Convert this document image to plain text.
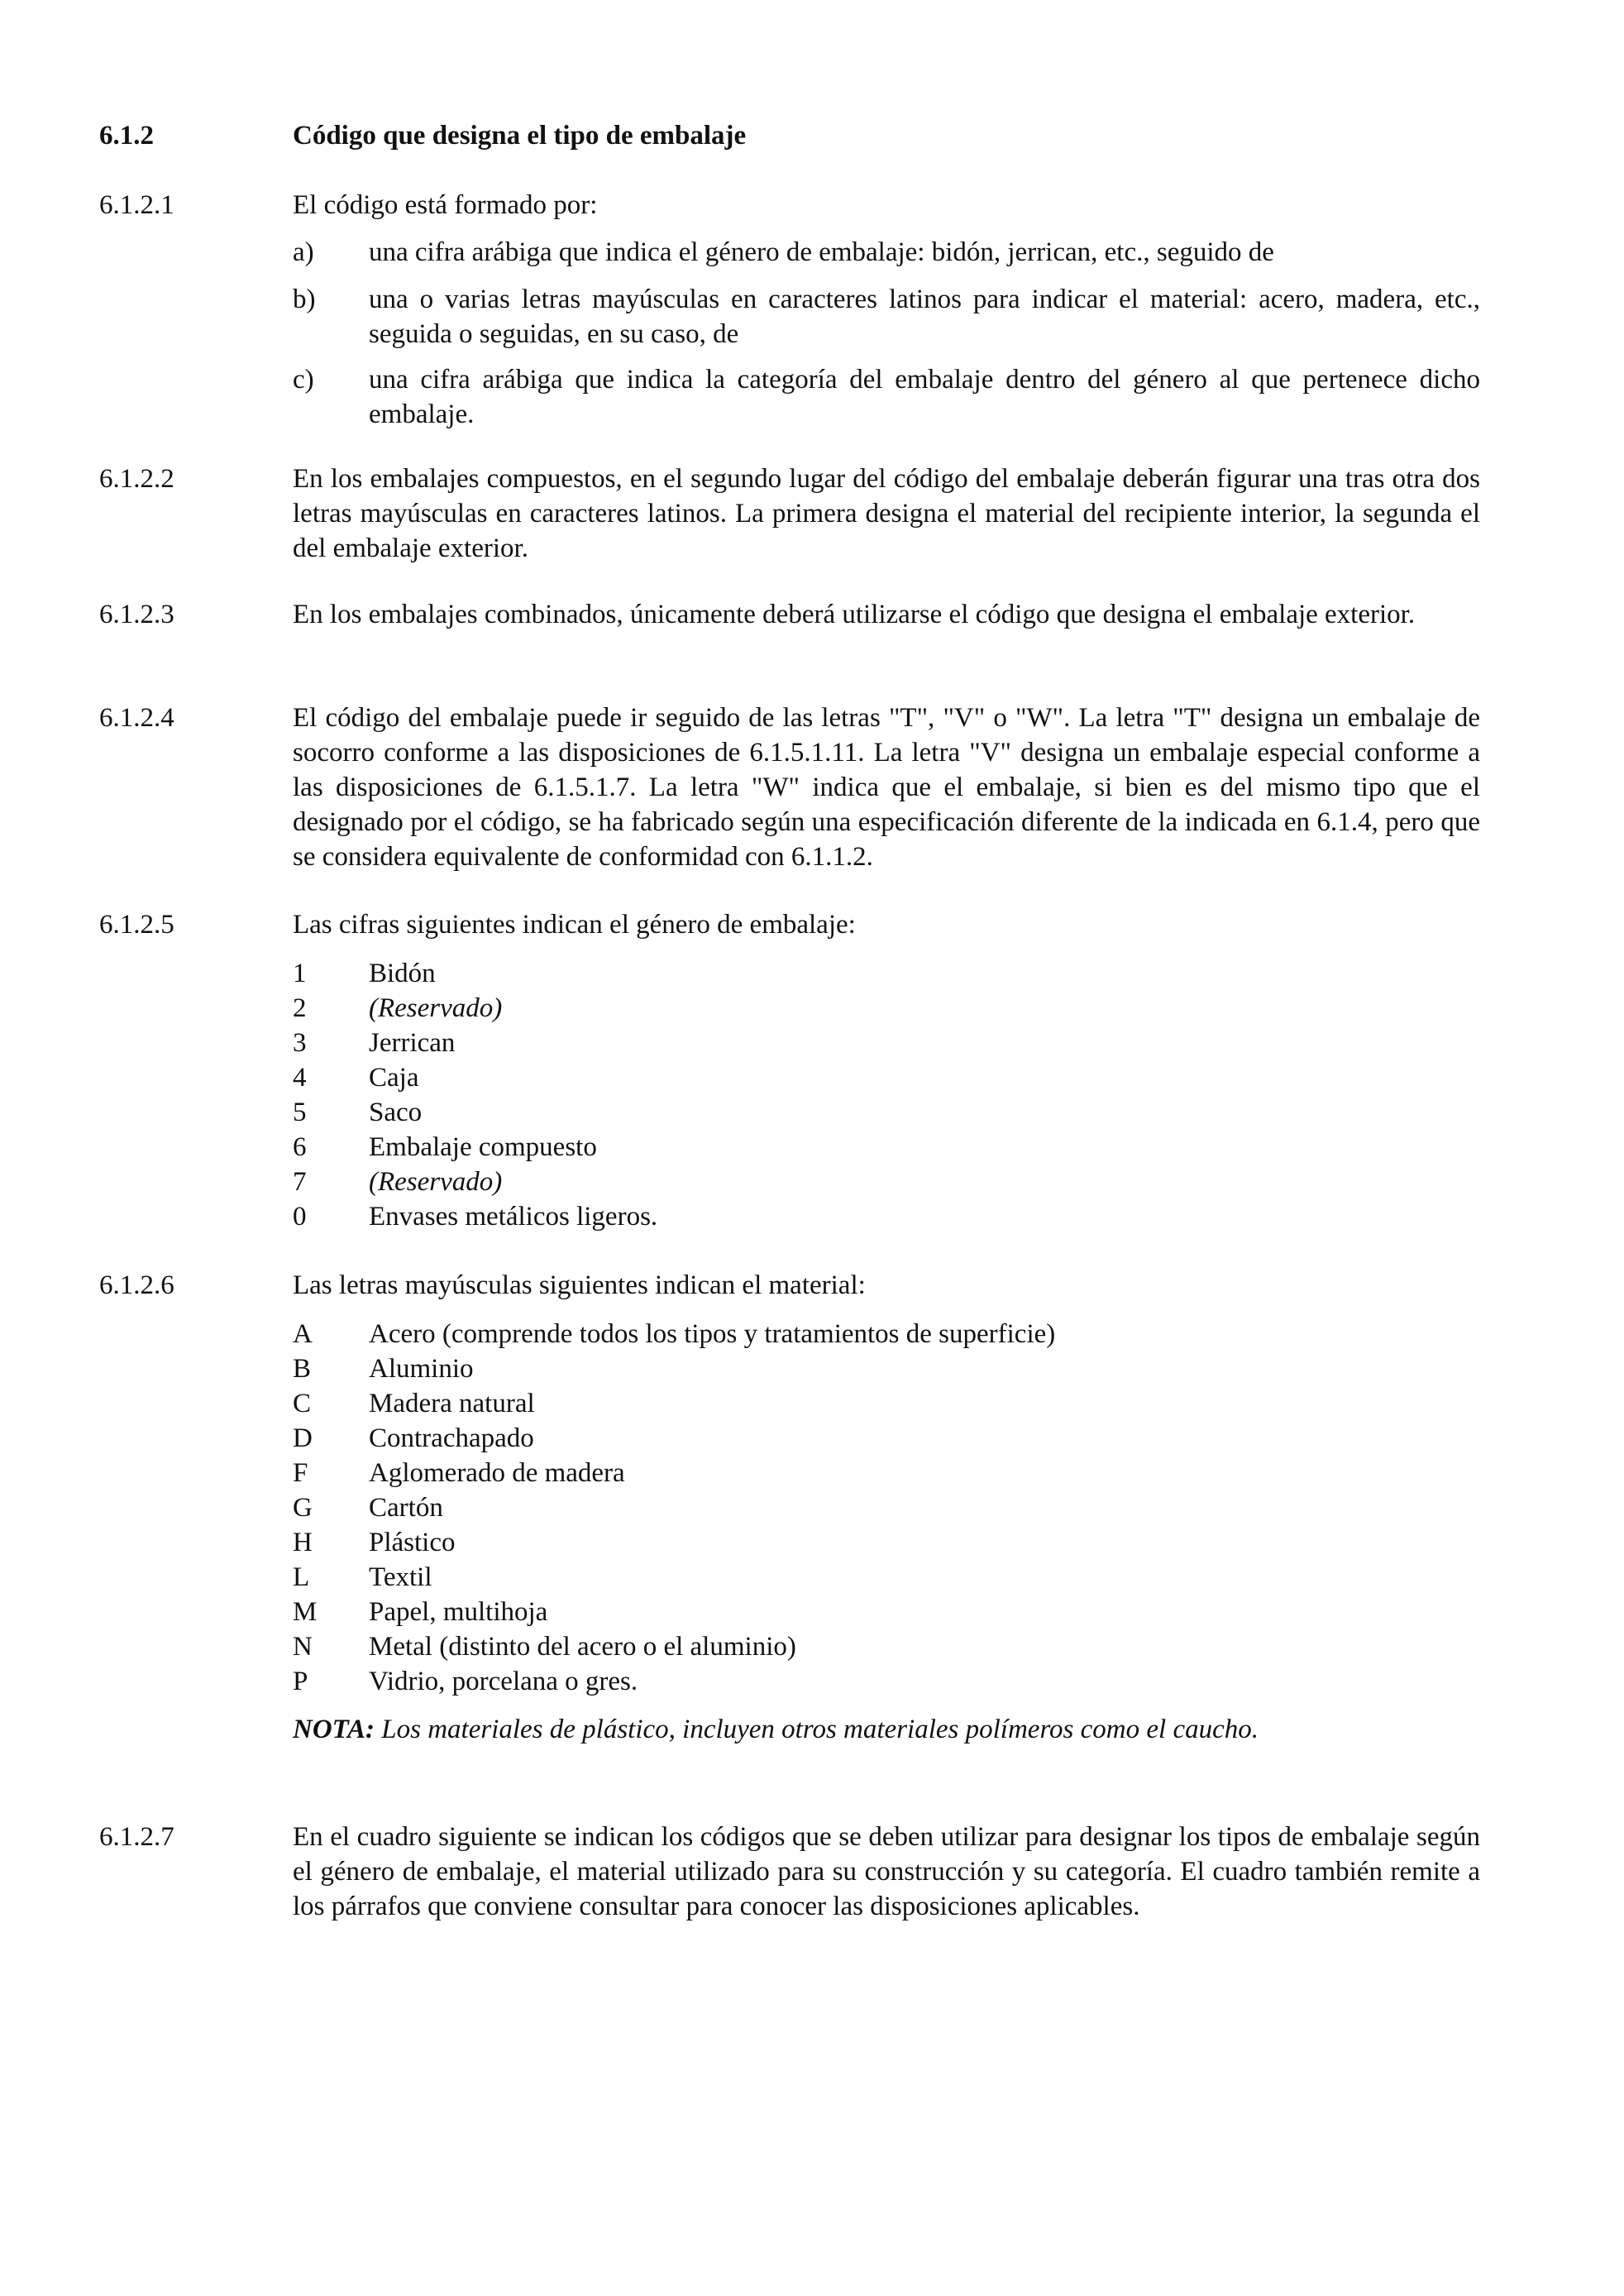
6.1.2	Código que designa el tipo de embalaje
6.1.2.1	El código está formado por:
a) una cifra arábiga que indica el género de embalaje: bidón, jerrican, etc., seguido de
b) una o varias letras mayúsculas en caracteres latinos para indicar el material: acero, madera, etc., seguida o seguidas, en su caso, de
c) una cifra arábiga que indica la categoría del embalaje dentro del género al que pertenece dicho embalaje.
6.1.2.2	En los embalajes compuestos, en el segundo lugar del código del embalaje deberán figurar una tras otra dos letras mayúsculas en caracteres latinos. La primera designa el material del recipiente interior, la segunda el del embalaje exterior.
6.1.2.3	En los embalajes combinados, únicamente deberá utilizarse el código que designa el embalaje exterior.
6.1.2.4	El código del embalaje puede ir seguido de las letras "T", "V" o "W". La letra "T" designa un embalaje de socorro conforme a las disposiciones de 6.1.5.1.11. La letra "V" designa un embalaje especial conforme a las disposiciones de 6.1.5.1.7. La letra "W" indica que el embalaje, si bien es del mismo tipo que el designado por el código, se ha fabricado según una especificación diferente de la indicada en 6.1.4, pero que se considera equivalente de conformidad con 6.1.1.2.
6.1.2.5	Las cifras siguientes indican el género de embalaje:
1 Bidón
2 (Reservado)
3 Jerrican
4 Caja
5 Saco
6 Embalaje compuesto
7 (Reservado)
0 Envases metálicos ligeros.
6.1.2.6	Las letras mayúsculas siguientes indican el material:
A Acero (comprende todos los tipos y tratamientos de superficie)
B Aluminio
C Madera natural
D Contrachapado
F Aglomerado de madera
G Cartón
H Plástico
L Textil
M Papel, multihoja
N Metal (distinto del acero o el aluminio)
P Vidrio, porcelana o gres.
NOTA: Los materiales de plástico, incluyen otros materiales polímeros como el caucho.
6.1.2.7	En el cuadro siguiente se indican los códigos que se deben utilizar para designar los tipos de embalaje según el género de embalaje, el material utilizado para su construcción y su categoría. El cuadro también remite a los párrafos que conviene consultar para conocer las disposiciones aplicables.
